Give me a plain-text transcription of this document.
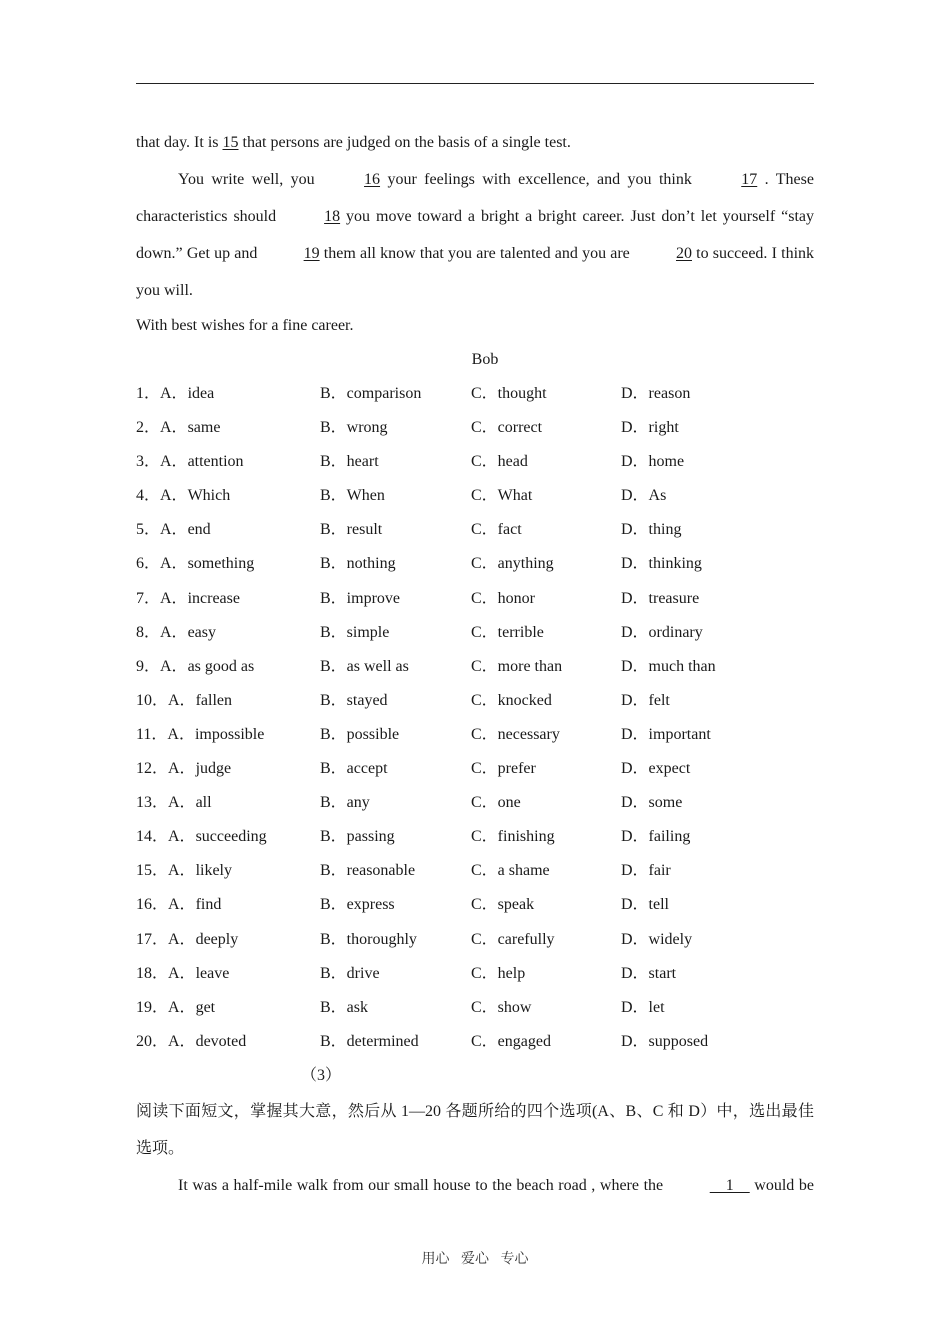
that day. It is 15 that persons are judged on the basis of a single test.
You write well, you	16 your feelings with excellence, and you think	17 . These characteristics should	18 you move toward a bright a bright career. Just don’t let yourself “stay down.” Get up and	19 them all know that you are talented and you are	20 to succeed. I think you will.
With best wishes for a fine career.
Bob
1．A．idea	B．comparison	C．thought	D．reason
2．A．same	B．wrong	C．correct	D．right
3．A．attention	B．heart	C．head	D．home
4．A．Which	B．When	C．What	D．As
5．A．end	B．result	C．fact	D．thing
6．A．something	B．nothing	C．anything	D．thinking
7．A．increase	B．improve	C．honor	D．treasure
8．A．easy	B．simple	C．terrible	D．ordinary
9．A．as good as	B．as well as	C．more than	D．much than
10．A．fallen	B．stayed	C．knocked	D．felt
11．A．impossible	B．possible	C．necessary	D．important
12．A．judge	B．accept	C．prefer	D．expect
13．A．all	B．any	C．one	D．some
14．A．succeeding	B．passing	C．finishing	D．failing
15．A．likely	B．reasonable	C．a shame	D．fair
16．A．find	B．express	C．speak	D．tell
17．A．deeply	B．thoroughly	C．carefully	D．widely
18．A．leave	B．drive	C．help	D．start
19．A．get	B．ask	C．show	D．let
20．A．devoted	B．determined	C．engaged	D．supposed
（3）
阅读下面短文，掌握其大意，然后从 1—20 各题所给的四个选项(A、B、C 和 D）中，选出最佳选项。
It was a half-mile walk from our small house to the beach road , where the	1     would be
用心 爱心 专心
